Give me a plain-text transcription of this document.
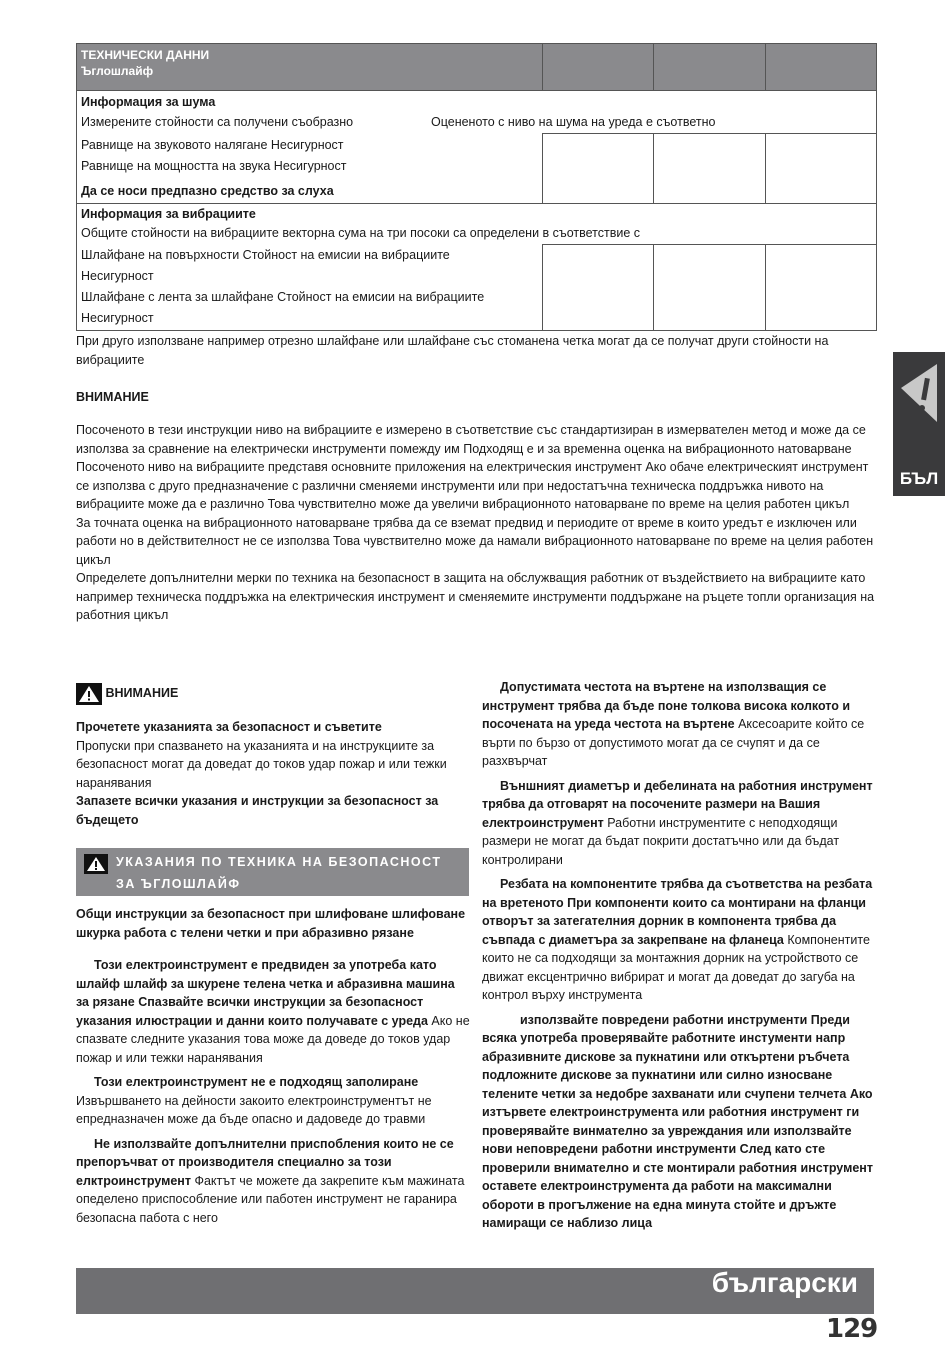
ТЕХНИЧЕСКИ ДАННИ
Ъглошлайф			

Информация за шума
Измерените стойности са получени съобразно Оцененото с ниво на шума на уреда е съответно			

Равнище на звуковото налягане Несигурност
Равнище на мощността на звука Несигурност
Да се носи предпазно средство за слуха			

Информация за вибрациите
Общите стойности на вибрациите векторна сума на три посоки са определени в съответствие с			

Шлайфане на повърхности Стойност на емисии на вибрациите
Несигурност
Шлайфане с лента за шлайфане Стойност на емисии на вибрациите
Несигурност			

При друго използване например отрезно шлайфане или шлайфане със стоманена четка могат да се получат други стойности на вибрациите
ВНИМАНИЕ
Посоченото в тези инструкции ниво на вибрациите е измерено в съответствие със стандартизиран в измервателен метод и може да се използва за сравнение на електрически инструменти помежду им Подходящ е и за временна оценка на вибрационното натоварване
Посоченото ниво на вибрациите представя основните приложения на електрическия инструмент Ако обаче електрическият инструмент се използва с друго предназначение с различни сменяеми инструменти или при недостатъчна техническа поддръжка нивото на вибрациите може да е различно Това чувствително може да увеличи вибрационното натоварване по време на целия работен цикъл
За точната оценка на вибрационното натоварване трябва да се вземат предвид и периодите от време в които уредът е изключен или работи но в действителност не се използва Това чувствително може да намали вибрационното натоварване по време на целия работен цикъл
Определете допълнителни мерки по техника на безопасност в защита на обслужващия работник от въздействието на вибрациите като например техническа поддръжка на електрическия инструмент и сменяемите инструменти поддържане на ръцете топли организация на работния цикъл
БЪЛ
ВНИМАНИЕ
Прочетете указанията за безопасност и съветите
Пропуски при спазването на указанията и на инструкциите за безопасност могат да доведат до токов удар пожар и или тежки наранявания
Запазете всички указания и инструкции за безопасност за бъдещето
УКАЗАНИЯ ПО ТЕХНИКА НА БЕЗОПАСНОСТ ЗА ЪГЛОШЛАЙФ
Общи инструкции за безопасност при шлифоване шлифоване шкурка работа с телени четки и при абразивно рязане
Този електроинструмент е предвиден за употреба като шлайф шлайф за шкурене телена четка и абразивна машина за рязане Спазвайте всички инструкции за безопасност указания илюстрации и данни които получавате с уреда Ако не спазвате следните указания това може да доведе до токов удар пожар и или тежки наранявания
Този електроинструмент не е подходящ заполиране Извършването на дейности закоито електроинструментът не епредназначен може да бъде опасно и дадоведе до травми
Не използвайте допълнителни приспобления които не се препоръчват от производителя специално за този елктроинструмент Фактът че можете да закрепите към мажината опеделено приспособление или пaботен инструмент не гаранира безопасна пабота с него
Допустимата честота на въртене на използващия се инструмент трябва да бъде поне толкова висока колкото и посочената на уреда честота на въртене Аксесоарите който се върти по бързо от допустимото могат да се счупят и да се разхвърчат
Външният диаметър и дебелината на работния инструмент трябва да отговарят на посочените размери на Вашия електроинструмент Работни инструментите с неподходящи размери не могат да бъдат покрити достатъчно или да бъдат контролирани
Резбата на компонентите трябва да съответства на резбата на вретеното При компоненти които са монтирани на фланци отворът за затегателния дорник в компонента трябва да съвпада с диаметъра за закрепване на фланеца Компонентите които не са подходящи за монтажния дорник на устройството се движат ексцентрично вибрират и могат да доведат до загуба на контрол върху инструмента
използвайте повредени работни инструменти Преди всяка употреба проверявайте работните инстументи напр абразивните дискове за пукнатини или откъртени ръбчета подложните дискове за пукнатини или силно износване телените четки за недобре захванати или счупени телчета Ако изтървете електроинструмента или работния инструмент ги проверявайте винмателно за увреждания или използвайте нови неповредени работни инструменти След като сте проверили внимателно и сте монтирали работния инструмент оставете електроинструмента да работи на максимални обороти в прогължение на една минута стойте и дръжте намиращи се наблизо лица
български
129
